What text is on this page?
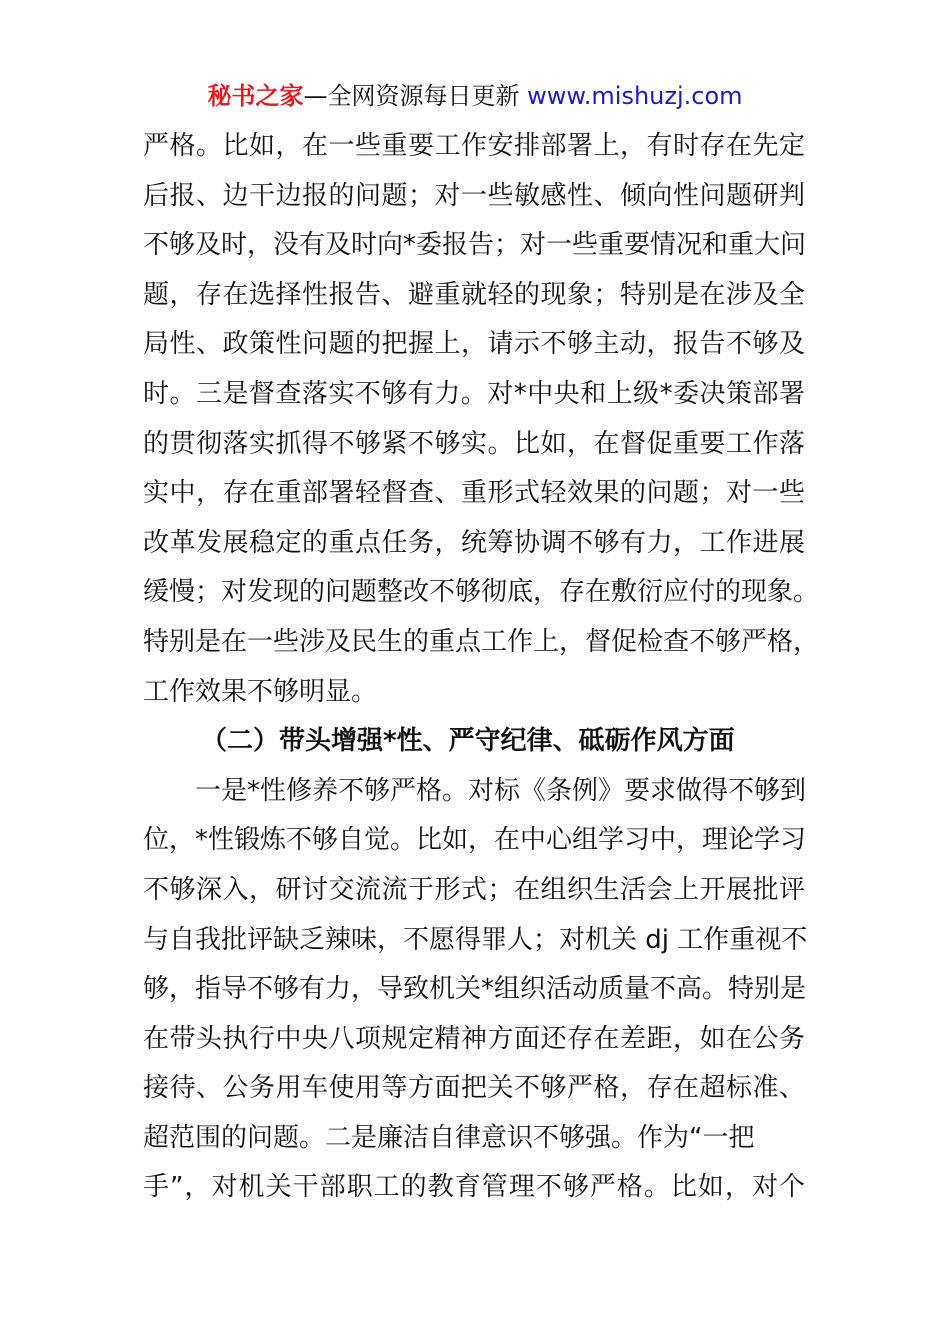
秘书之家—全网资源每日更新 www.mishuzj.com
严格。比如，在一些重要工作安排部署上，有时存在先定
后报、边干边报的问题；对一些敏感性、倾向性问题研判
不够及时，没有及时向*委报告；对一些重要情况和重大问
题，存在选择性报告、避重就轻的现象；特别是在涉及全
局性、政策性问题的把握上，请示不够主动，报告不够及
时。三是督查落实不够有力。对*中央和上级*委决策部署
的贯彻落实抓得不够紧不够实。比如，在督促重要工作落
实中，存在重部署轻督查、重形式轻效果的问题；对一些
改革发展稳定的重点任务，统筹协调不够有力，工作进展
缓慢；对发现的问题整改不够彻底，存在敷衍应付的现象。
特别是在一些涉及民生的重点工作上，督促检查不够严格，
工作效果不够明显。
（二）带头增强*性、严守纪律、砥砺作风方面
一是*性修养不够严格。对标《条例》要求做得不够到
位，*性锻炼不够自觉。比如，在中心组学习中，理论学习
不够深入，研讨交流流于形式；在组织生活会上开展批评
与自我批评缺乏辣味，不愿得罪人；对机关 dj 工作重视不
够，指导不够有力，导致机关*组织活动质量不高。特别是
在带头执行中央八项规定精神方面还存在差距，如在公务
接待、公务用车使用等方面把关不够严格，存在超标准、
超范围的问题。二是廉洁自律意识不够强。作为“一把
手”，对机关干部职工的教育管理不够严格。比如，对个
